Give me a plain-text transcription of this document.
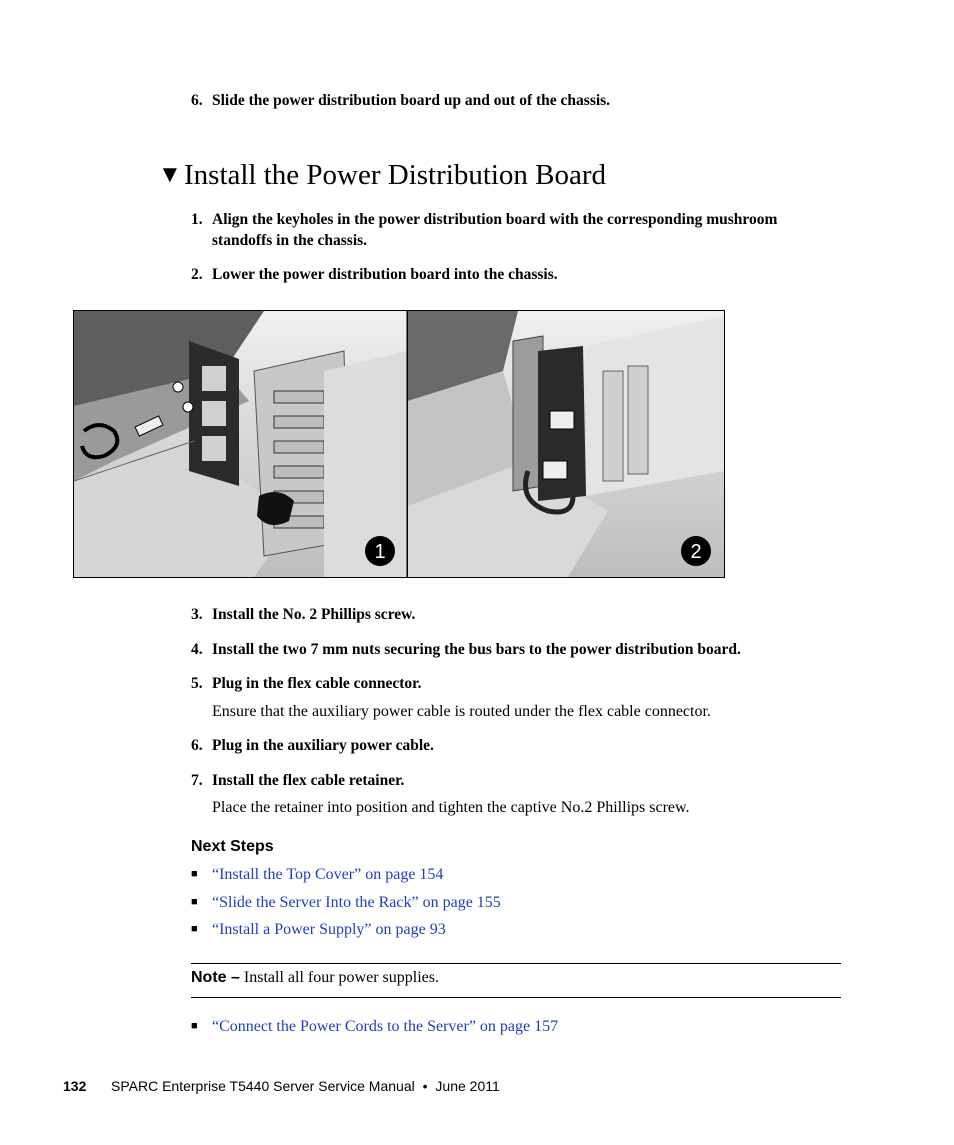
6. Slide the power distribution board up and out of the chassis.
▼Install the Power Distribution Board
1. Align the keyholes in the power distribution board with the corresponding mushroom standoffs in the chassis.
2. Lower the power distribution board into the chassis.
1	2
3. Install the No. 2 Phillips screw.
4. Install the two 7 mm nuts securing the bus bars to the power distribution board.
5. Plug in the flex cable connector.
Ensure that the auxiliary power cable is routed under the flex cable connector.
6. Plug in the auxiliary power cable.
7. Install the flex cable retainer.
Place the retainer into position and tighten the captive No.2 Phillips screw.
Next Steps
■ “Install the Top Cover” on page 154
■ “Slide the Server Into the Rack” on page 155
■ “Install a Power Supply” on page 93
Note – Install all four power supplies.
■ “Connect the Power Cords to the Server” on page 157
132 SPARC Enterprise T5440 Server Service Manual • June 2011
